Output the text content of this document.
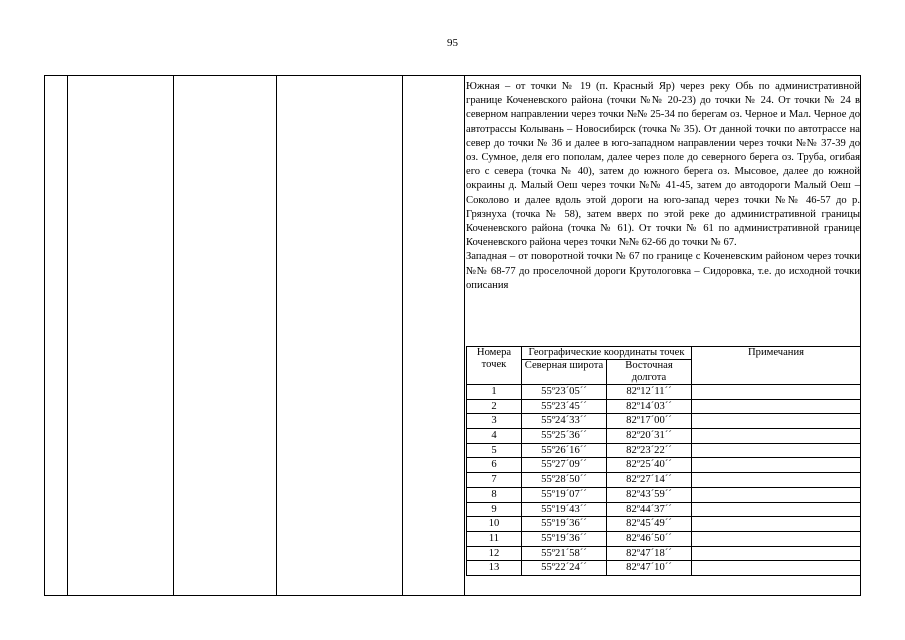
95

Южная – от точки № 19 (п. Красный Яр) через реку Обь по административной границе Коченевского района (точки №№ 20-23) до точки № 24. От точки № 24 в северном направлении через точки №№ 25-34 по берегам оз. Черное и Мал. Черное до автотрассы Колывань – Новосибирск (точка № 35). От данной точки по автотрассе на север до точки № 36 и далее в юго-западном направлении через точки №№ 37-39 до оз. Сумное, деля его пополам, далее через поле до северного берега оз. Труба, огибая его с севера (точка № 40), затем до южного берега оз. Мысовое, далее до южной окраины д. Малый Оеш через точки №№ 41-45, затем до автодороги Малый Оеш – Соколово и далее вдоль этой дороги на юго-запад через точки №№ 46-57 до р. Грязнуха (точка № 58), затем вверх по этой реке до административной границы Коченевского района (точка № 61). От точки № 61 по административной границе Коченевского района через точки №№ 62-66 до точки № 67.

Западная – от поворотной точки № 67 по границе с Коченевским районом через точки №№ 68-77 до проселочной дороги Крутологовка – Сидоровка, т.е. до исходной точки описания

Номера точек	Географические координаты точек		Примечания
	Северная широта	Восточная долгота	
1	55º23´05´´	82º12´11´´	
2	55º23´45´´	82º14´03´´	
3	55º24´33´´	82º17´00´´	
4	55º25´36´´	82º20´31´´	
5	55º26´16´´	82º23´22´´	
6	55º27´09´´	82º25´40´´	
7	55º28´50´´	82º27´14´´	
8	55º19´07´´	82º43´59´´	
9	55º19´43´´	82º44´37´´	
10	55º19´36´´	82º45´49´´	
11	55º19´36´´	82º46´50´´	
12	55º21´58´´	82º47´18´´	
13	55º22´24´´	82º47´10´´	
